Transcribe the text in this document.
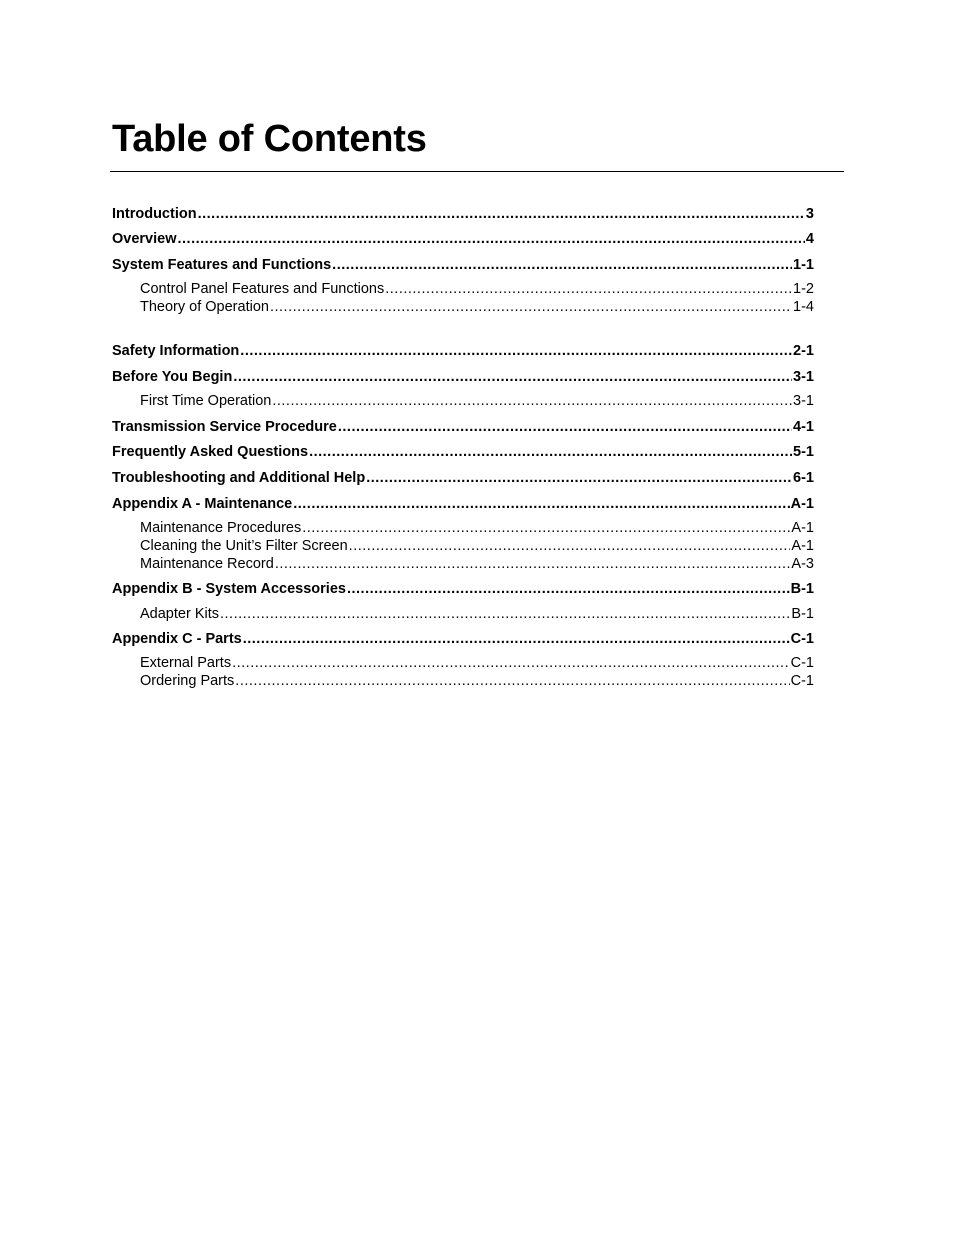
Table of Contents
Introduction .....	3
Overview .....	4
System Features and Functions .....	1-1
Control Panel Features and Functions .....	1-2
Theory of Operation .....	1-4
Safety Information .....	2-1
Before You Begin .....	3-1
First Time Operation .....	3-1
Transmission Service Procedure .....	4-1
Frequently Asked Questions .....	5-1
Troubleshooting and Additional Help .....	6-1
Appendix A - Maintenance .....	A-1
Maintenance Procedures .....	A-1
Cleaning the Unit’s Filter Screen .....	A-1
Maintenance Record .....	A-3
Appendix B - System Accessories .....	B-1
Adapter Kits .....	B-1
Appendix C - Parts .....	C-1
External Parts .....	C-1
Ordering Parts .....	C-1
